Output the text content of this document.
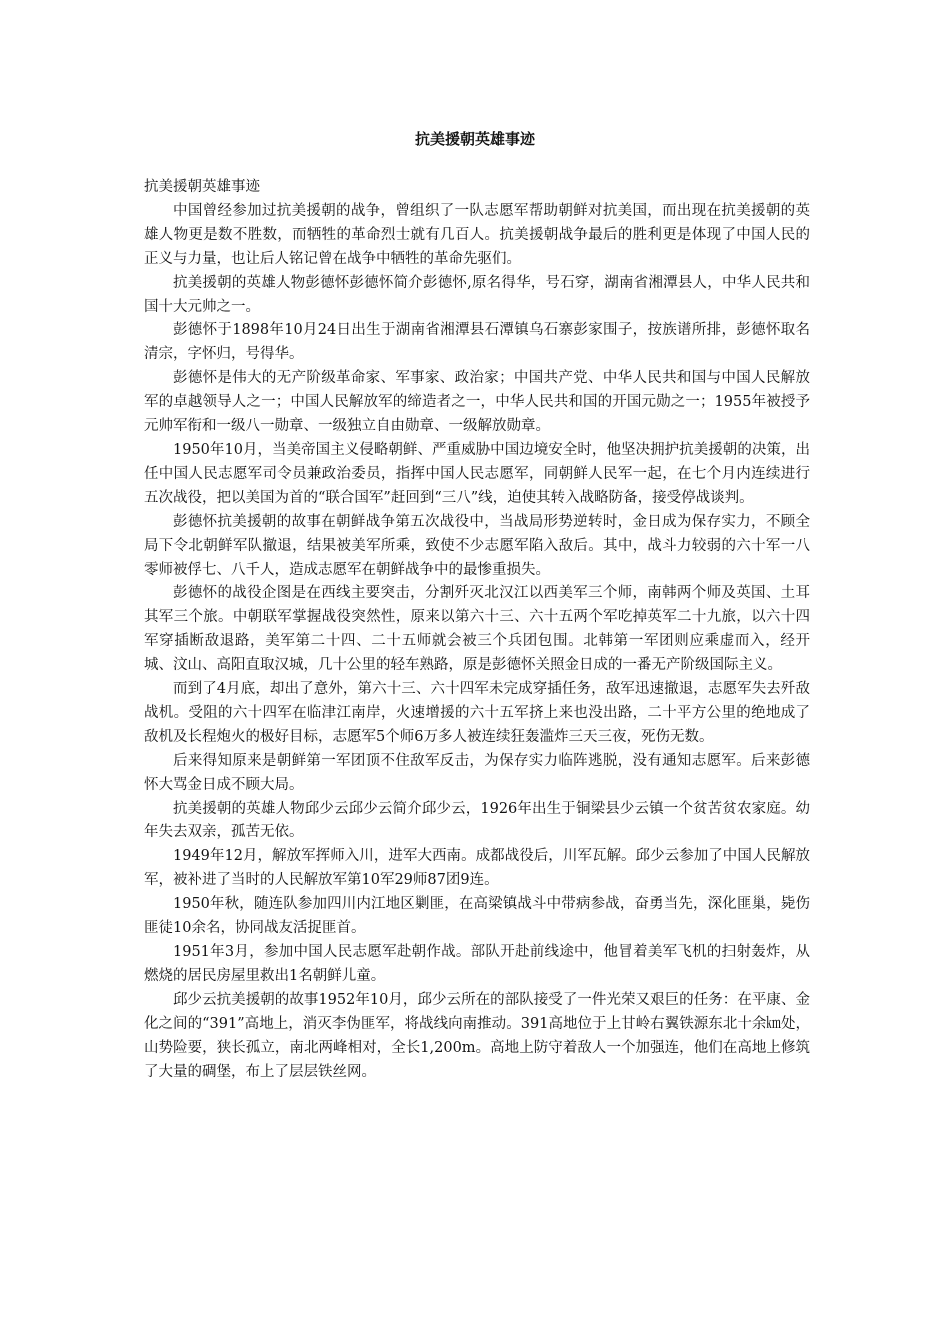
抗美援朝英雄事迹

抗美援朝英雄事迹

中国曾经参加过抗美援朝的战争，曾组织了一队志愿军帮助朝鲜对抗美国，而出现在抗美援朝的英雄人物更是数不胜数，而牺牲的革命烈士就有几百人。抗美援朝战争最后的胜利更是体现了中国人民的正义与力量，也让后人铭记曾在战争中牺牲的革命先驱们。

抗美援朝的英雄人物彭德怀彭德怀简介彭德怀,原名得华，号石穿，湖南省湘潭县人，中华人民共和国十大元帅之一。

彭德怀于1898年10月24日出生于湖南省湘潭县石潭镇乌石寨彭家围子，按族谱所排，彭德怀取名清宗，字怀归，号得华。

彭德怀是伟大的无产阶级革命家、军事家、政治家；中国共产党、中华人民共和国与中国人民解放军的卓越领导人之一；中国人民解放军的缔造者之一，中华人民共和国的开国元勋之一；1955年被授予元帅军衔和一级八一勋章、一级独立自由勋章、一级解放勋章。

1950年10月，当美帝国主义侵略朝鲜、严重威胁中国边境安全时，他坚决拥护抗美援朝的决策，出任中国人民志愿军司令员兼政治委员，指挥中国人民志愿军，同朝鲜人民军一起，在七个月内连续进行五次战役，把以美国为首的“联合国军”赶回到“三八”线，迫使其转入战略防备，接受停战谈判。

彭德怀抗美援朝的故事在朝鲜战争第五次战役中，当战局形势逆转时，金日成为保存实力，不顾全局下令北朝鲜军队撤退，结果被美军所乘，致使不少志愿军陷入敌后。其中，战斗力较弱的六十军一八零师被俘七、八千人，造成志愿军在朝鲜战争中的最惨重损失。

彭德怀的战役企图是在西线主要突击，分割歼灭北汉江以西美军三个师，南韩两个师及英国、土耳其军三个旅。中朝联军掌握战役突然性，原来以第六十三、六十五两个军吃掉英军二十九旅，以六十四军穿插断敌退路，美军第二十四、二十五师就会被三个兵团包围。北韩第一军团则应乘虚而入，经开城、汶山、高阳直取汉城，几十公里的轻车熟路，原是彭德怀关照金日成的一番无产阶级国际主义。

而到了4月底，却出了意外，第六十三、六十四军未完成穿插任务，敌军迅速撤退，志愿军失去歼敌战机。受阻的六十四军在临津江南岸，火速增援的六十五军挤上来也没出路，二十平方公里的绝地成了敌机及长程炮火的极好目标，志愿军5个师6万多人被连续狂轰滥炸三天三夜，死伤无数。

后来得知原来是朝鲜第一军团顶不住敌军反击，为保存实力临阵逃脱，没有通知志愿军。后来彭德怀大骂金日成不顾大局。

抗美援朝的英雄人物邱少云邱少云简介邱少云，1926年出生于铜梁县少云镇一个贫苦贫农家庭。幼年失去双亲，孤苦无依。

1949年12月，解放军挥师入川，进军大西南。成都战役后，川军瓦解。邱少云参加了中国人民解放军，被补进了当时的人民解放军第10军29师87团9连。

1950年秋，随连队参加四川内江地区剿匪，在高梁镇战斗中带病参战，奋勇当先，深化匪巢，毙伤匪徒10余名，协同战友活捉匪首。

1951年3月，参加中国人民志愿军赴朝作战。部队开赴前线途中，他冒着美军飞机的扫射轰炸，从燃烧的居民房屋里救出1名朝鲜儿童。

邱少云抗美援朝的故事1952年10月，邱少云所在的部队接受了一件光荣又艰巨的任务：在平康、金化之间的“391”高地上，消灭李伪匪军，将战线向南推动。391高地位于上甘岭右翼铁源东北十余㎞处，山势险要，狭长孤立，南北两峰相对，全长1,200m。高地上防守着敌人一个加强连，他们在高地上修筑了大量的碉堡，布上了层层铁丝网。
